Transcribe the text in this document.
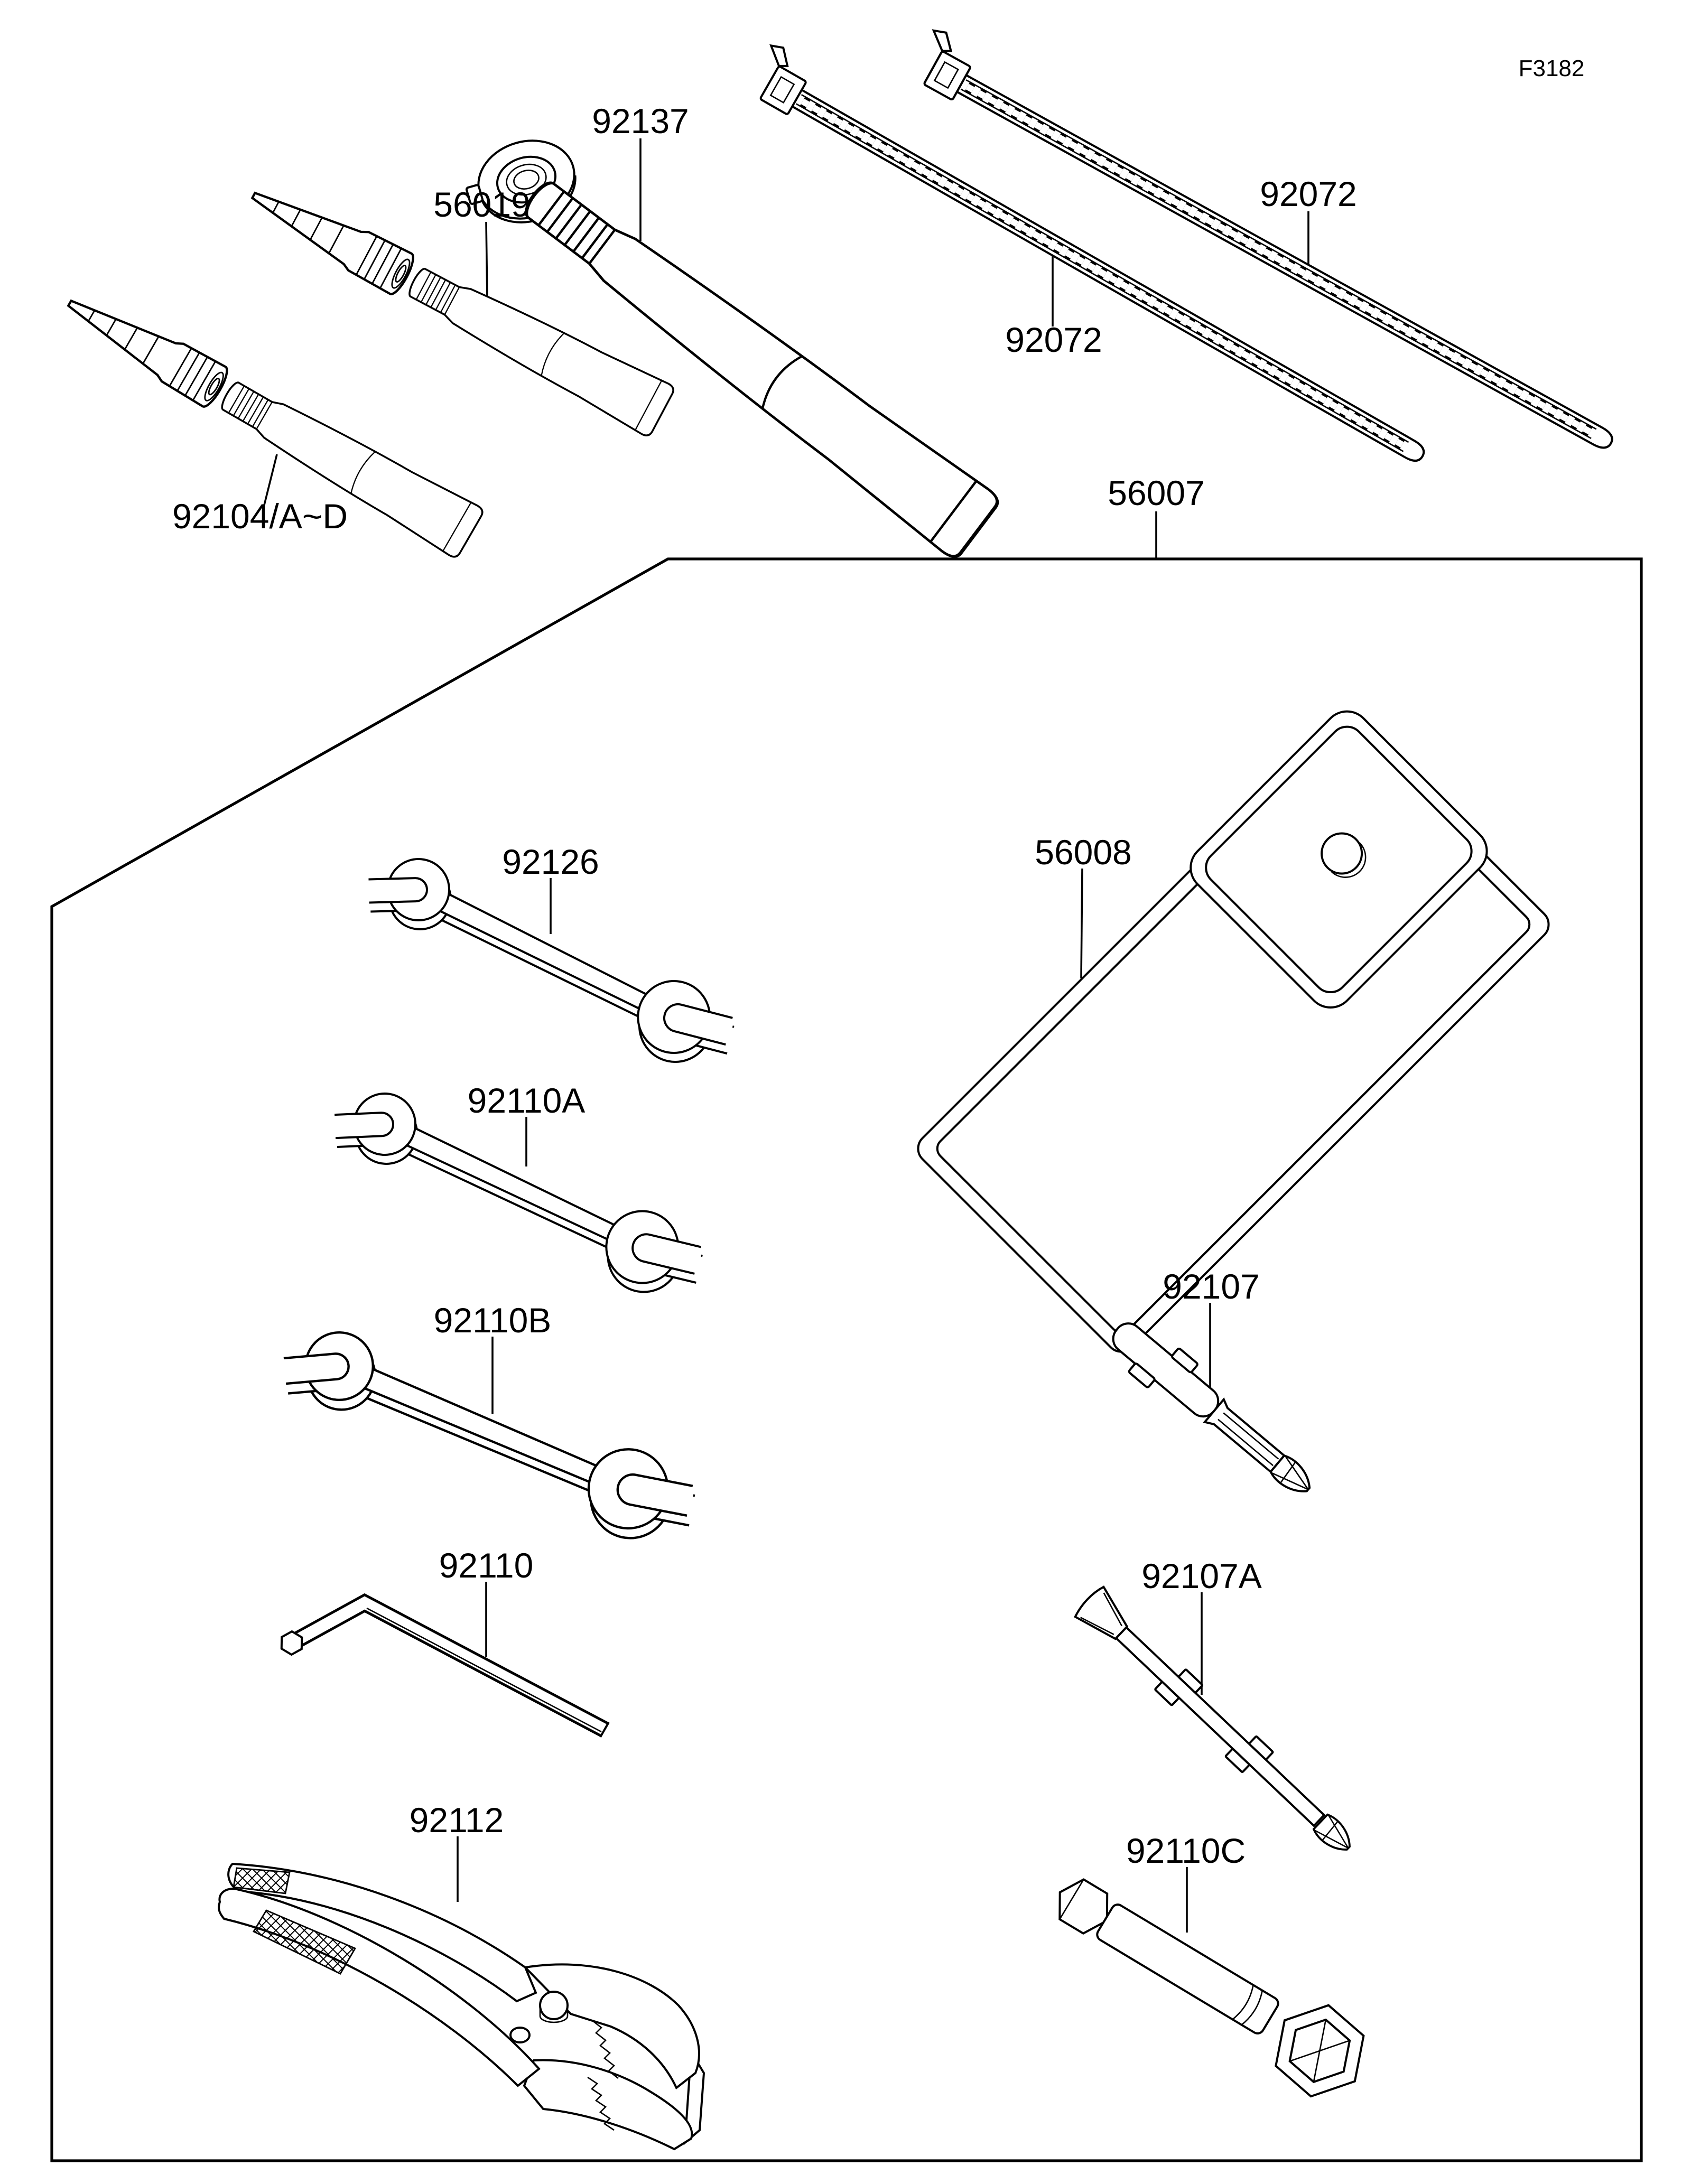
F3182
92104/A~D
56019
92137
92072
92072
56007
56008
92126
92110A
92110B
92110
92112
92107
92107A
92110C
